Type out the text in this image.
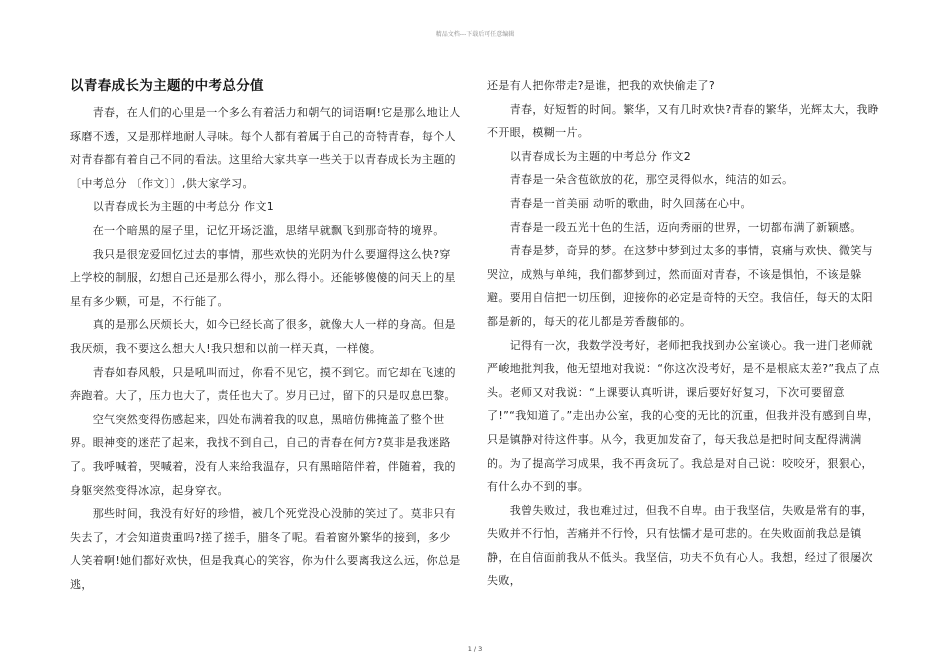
精品文档---下载后可任意编辑
以青春成长为主题的中考总分值

　　青春，在人们的心里是一个多么有着活力和朝气的词语啊!它是那么地让人琢磨不透，又是那样地耐人寻味。每个人都有着属于自己的奇特青春，每个人对青春都有着自己不同的看法。这里给大家共享一些关于以青春成长为主题的〔中考总分 〔作文〕〕,供大家学习。

　　以青春成长为主题的中考总分 作文1

　　在一个暗黑的屋子里，记忆开场泛滥，思绪早就飘飞到那奇特的境界。

　　我只是很宠爱回忆过去的事情，那些欢快的光阴为什么要遛得这么快?穿上学校的制服，幻想自己还是那么得小，那么得小。还能够傻傻的问天上的星星有多少颗，可是，不行能了。

　　真的是那么厌烦长大，如今已经长高了很多，就像大人一样的身高。但是我厌烦，我不要这么想大人!我只想和以前一样天真，一样傻。

　　青春如春风般，只是吼叫而过，你看不见它，摸不到它。而它却在飞速的奔跑着。大了，压力也大了，责任也大了。岁月已过，留下的只是叹息巴黎。

　　空气突然变得伤感起来，四处布满着我的叹息，黑暗仿佛掩盖了整个世界。眼神变的迷茫了起来，我找不到自己，自己的青春在何方?莫非是我迷路了。我呼喊着，哭喊着，没有人来给我温存，只有黑暗陪伴着，伴随着，我的身躯突然变得冰凉，起身穿衣。

　　那些时间，我没有好好的珍惜，被几个死党没心没肺的笑过了。莫非只有失去了，才会知道贵重吗?搓了搓手，腊冬了呢。看着窗外繁华的接到，多少人笑着啊!她们都好欢快，但是我真心的笑容，你为什么要离我这么远，你总是逃，

还是有人把你带走?是谁，把我的欢快偷走了?

　　青春，好短暂的时间。繁华，又有几时欢快?青春的繁华，光辉太大，我睁不开眼，模糊一片。

　　以青春成长为主题的中考总分 作文2

　　青春是一朵含苞欲放的花，那空灵得似水，纯洁的如云。

　　青春是一首美丽 动听的歌曲，时久回荡在心中。

　　青春是一段五光十色的生活，迈向秀丽的世界，一切都布满了新颖感。

　　青春是梦，奇异的梦。在这梦中梦到过太多的事情，哀痛与欢快、微笑与哭泣，成熟与单纯，我们都梦到过，然而面对青春，不该是惧怕，不该是躲避。要用自信把一切压倒，迎接你的必定是奇特的天空。我信任，每天的太阳都是新的，每天的花儿都是芳香馥郁的。

　　记得有一次，我数学没考好，老师把我找到办公室谈心。我一进门老师就严峻地批判我，他无望地对我说：“你这次没考好，是不是根底太差?”我点了点头。老师又对我说：“上课要认真听讲，课后要好好复习，下次可要留意了!”“我知道了。”走出办公室，我的心变的无比的沉重，但我并没有感到自卑，只是镇静对待这件事。从今，我更加发奋了，每天我总是把时间支配得满满的。为了提高学习成果，我不再贪玩了。我总是对自己说：咬咬牙，狠狠心，有什么办不到的事。

　　我曾失败过，我也难过过，但我不自卑。由于我坚信，失败是常有的事，失败并不行怕，苦痛并不行怜，只有怯懦才是可悲的。在失败面前我总是镇静，在自信面前我从不低头。我坚信，功夫不负有心人。我想，经过了很屡次失败，

1 / 3
